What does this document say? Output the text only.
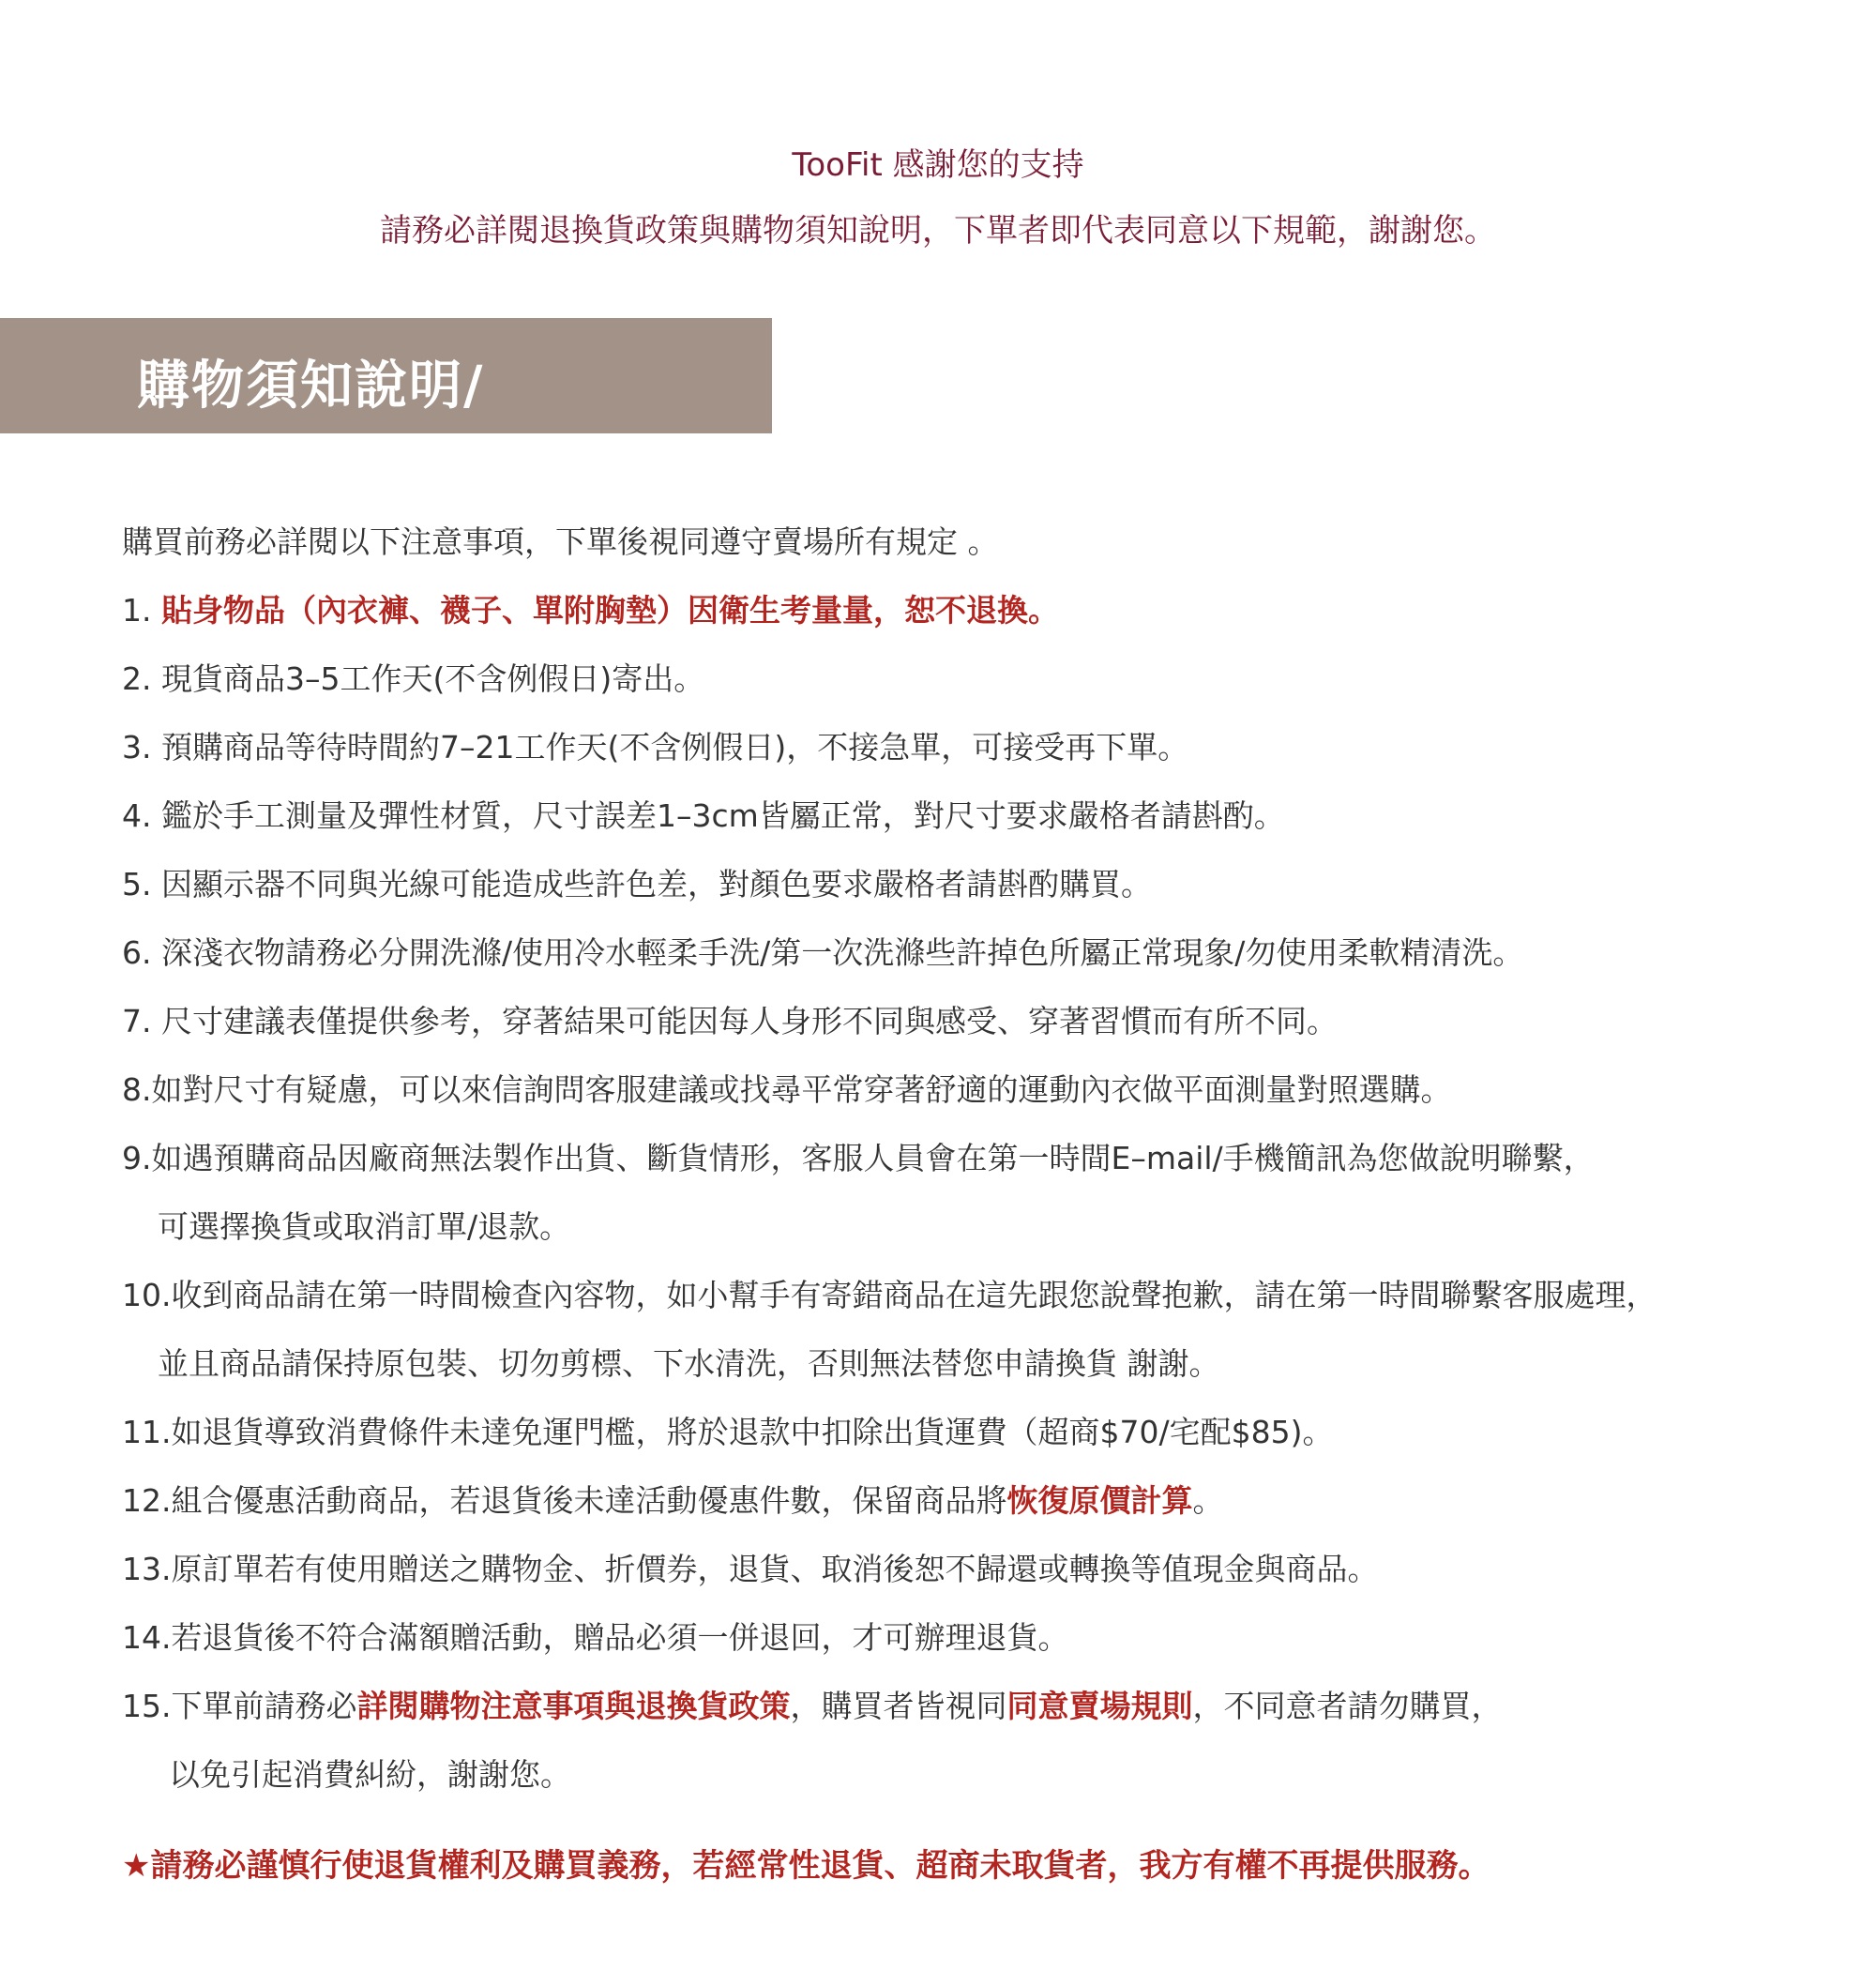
TooFit 感謝您的支持
請務必詳閱退換貨政策與購物須知說明，下單者即代表同意以下規範，謝謝您。
購物須知說明/
購買前務必詳閱以下注意事項，下單後視同遵守賣場所有規定 。
1. 貼身物品（內衣褲、襪子、單附胸墊）因衛生考量量，恕不退換。
2. 現貨商品3–5工作天(不含例假日)寄出。
3. 預購商品等待時間約7–21工作天(不含例假日)，不接急單，可接受再下單。
4. 鑑於手工測量及彈性材質，尺寸誤差1–3cm皆屬正常，對尺寸要求嚴格者請斟酌。
5. 因顯示器不同與光線可能造成些許色差，對顏色要求嚴格者請斟酌購買。
6. 深淺衣物請務必分開洗滌/使用冷水輕柔手洗/第一次洗滌些許掉色所屬正常現象/勿使用柔軟精清洗。
7. 尺寸建議表僅提供參考，穿著結果可能因每人身形不同與感受、穿著習慣而有所不同。
8.如對尺寸有疑慮，可以來信詢問客服建議或找尋平常穿著舒適的運動內衣做平面測量對照選購。
9.如遇預購商品因廠商無法製作出貨、斷貨情形，客服人員會在第一時間E–mail/手機簡訊為您做說明聯繫，
可選擇換貨或取消訂單/退款。
10.收到商品請在第一時間檢查內容物，如小幫手有寄錯商品在這先跟您說聲抱歉，請在第一時間聯繫客服處理，
並且商品請保持原包裝、切勿剪標、下水清洗，否則無法替您申請換貨 謝謝。
11.如退貨導致消費條件未達免運門檻，將於退款中扣除出貨運費（超商$70/宅配$85)。
12.組合優惠活動商品，若退貨後未達活動優惠件數，保留商品將恢復原價計算。
13.原訂單若有使用贈送之購物金、折價券，退貨、取消後恕不歸還或轉換等值現金與商品。
14.若退貨後不符合滿額贈活動，贈品必須一併退回，才可辦理退貨。
15.下單前請務必詳閱購物注意事項與退換貨政策，購買者皆視同同意賣場規則，不同意者請勿購買，
以免引起消費糾紛，謝謝您。
★請務必謹慎行使退貨權利及購買義務，若經常性退貨、超商未取貨者，我方有權不再提供服務。
